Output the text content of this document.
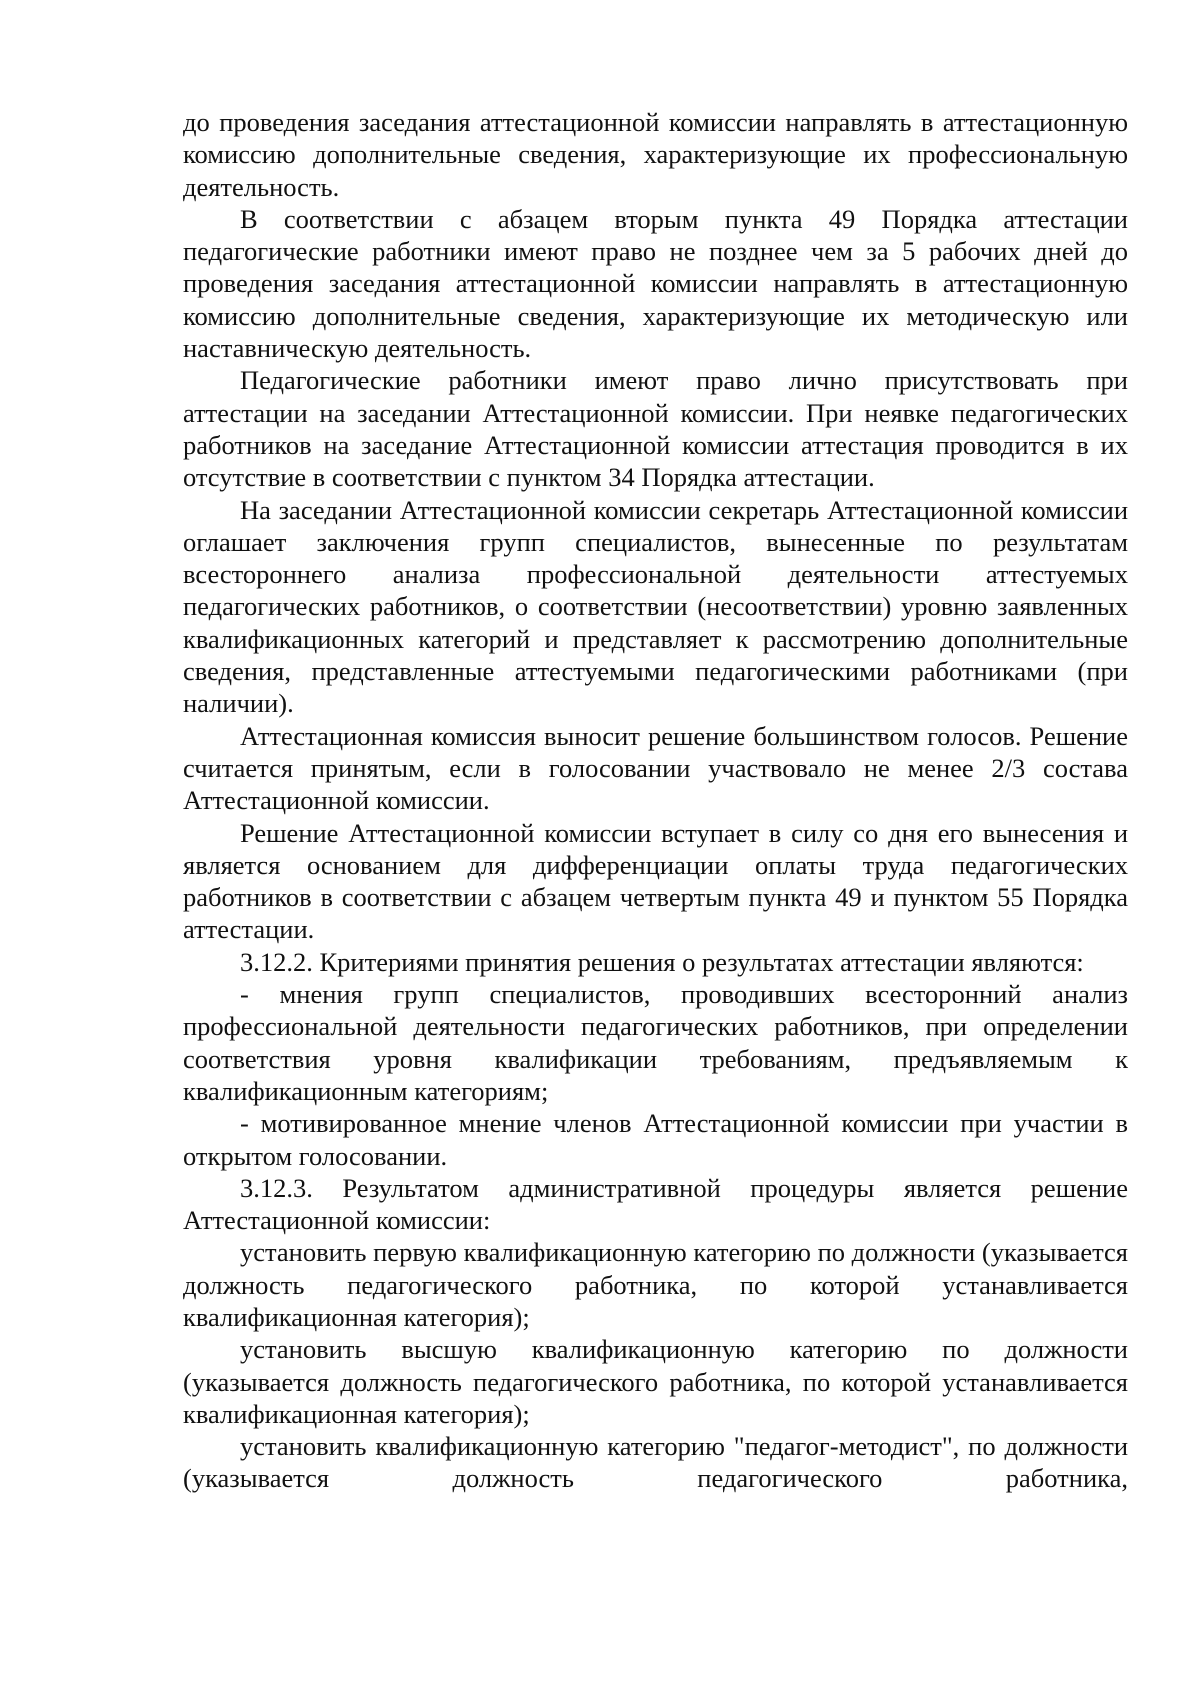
до проведения заседания аттестационной комиссии направлять в аттестационную комиссию дополнительные сведения, характеризующие их профессиональную деятельность.

В соответствии с абзацем вторым пункта 49 Порядка аттестации педагогические работники имеют право не позднее чем за 5 рабочих дней до проведения заседания аттестационной комиссии направлять в аттестационную комиссию дополнительные сведения, характеризующие их методическую или наставническую деятельность.

Педагогические работники имеют право лично присутствовать при аттестации на заседании Аттестационной комиссии. При неявке педагогических работников на заседание Аттестационной комиссии аттестация проводится в их отсутствие в соответствии с пунктом 34 Порядка аттестации.

На заседании Аттестационной комиссии секретарь Аттестационной комиссии оглашает заключения групп специалистов, вынесенные по результатам всестороннего анализа профессиональной деятельности аттестуемых педагогических работников, о соответствии (несоответствии) уровню заявленных квалификационных категорий и представляет к рассмотрению дополнительные сведения, представленные аттестуемыми педагогическими работниками (при наличии).

Аттестационная комиссия выносит решение большинством голосов. Решение считается принятым, если в голосовании участвовало не менее 2/3 состава Аттестационной комиссии.

Решение Аттестационной комиссии вступает в силу со дня его вынесения и является основанием для дифференциации оплаты труда педагогических работников в соответствии с абзацем четвертым пункта 49 и пунктом 55 Порядка аттестации.

3.12.2. Критериями принятия решения о результатах аттестации являются:

- мнения групп специалистов, проводивших всесторонний анализ профессиональной деятельности педагогических работников, при определении соответствия уровня квалификации требованиям, предъявляемым к квалификационным категориям;

- мотивированное мнение членов Аттестационной комиссии при участии в открытом голосовании.

3.12.3. Результатом административной процедуры является решение Аттестационной комиссии:

установить первую квалификационную категорию по должности (указывается должность педагогического работника, по которой устанавливается квалификационная категория);

установить высшую квалификационную категорию по должности (указывается должность педагогического работника, по которой устанавливается квалификационная категория);

установить квалификационную категорию "педагог-методист", по должности (указывается должность педагогического работника,
